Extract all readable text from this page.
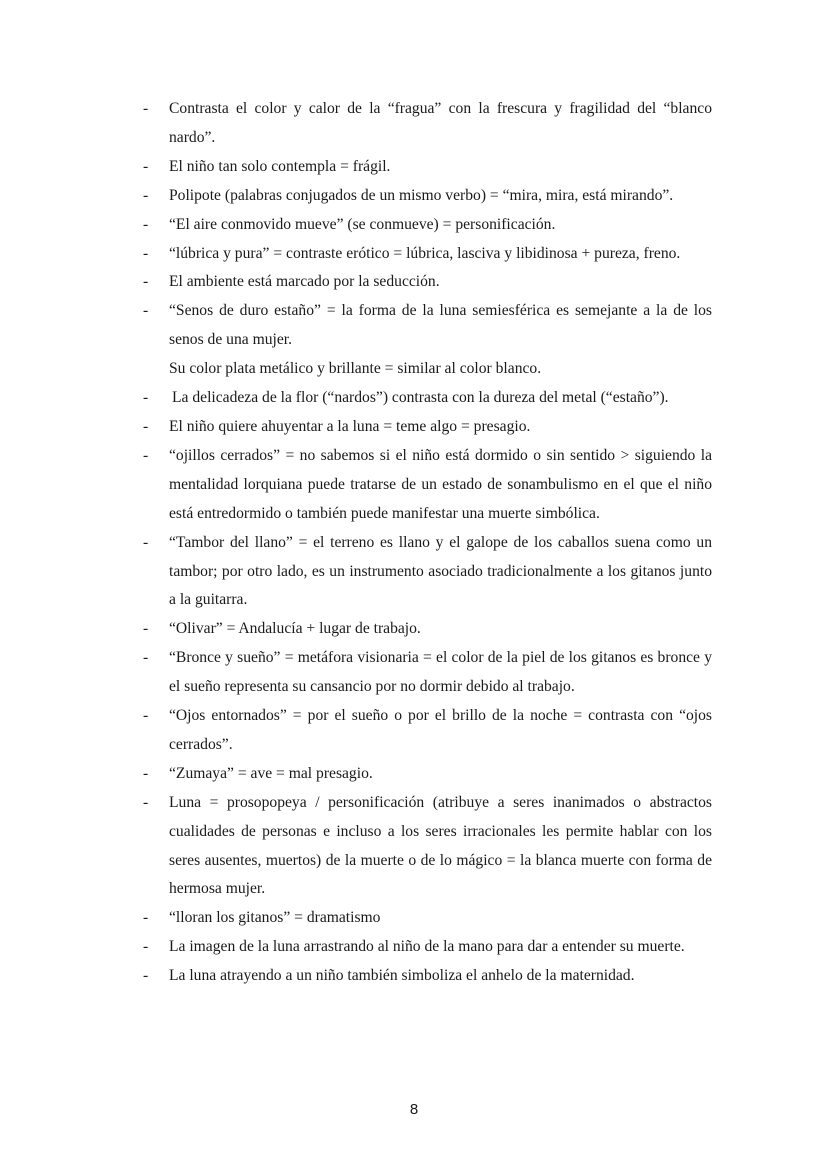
-	Contrasta el color y calor de la “fragua” con la frescura y fragilidad del “blanco nardo”.
-	El niño tan solo contempla = frágil.
-	Polipote (palabras conjugados de un mismo verbo) = “mira, mira, está mirando”.
-	“El aire conmovido mueve” (se conmueve) = personificación.
-	“lúbrica y pura” = contraste erótico = lúbrica, lasciva y libidinosa + pureza, freno.
-	El ambiente está marcado por la seducción.
-	“Senos de duro estaño” = la forma de la luna semiesférica es semejante a la de los senos de una mujer.
Su color plata metálico y brillante = similar al color blanco.
-	La delicadeza de la flor (“nardos”) contrasta con la dureza del metal (“estaño”).
-	El niño quiere ahuyentar a la luna = teme algo = presagio.
-	“ojillos cerrados” = no sabemos si el niño está dormido o sin sentido > siguiendo la mentalidad lorquiana puede tratarse de un estado de sonambulismo en el que el niño está entredormido o también puede manifestar una muerte simbólica.
-	“Tambor del llano” = el terreno es llano y el galope de los caballos suena como un tambor; por otro lado, es un instrumento asociado tradicionalmente a los gitanos junto a la guitarra.
-	“Olivar” = Andalucía + lugar de trabajo.
-	“Bronce y sueño” = metáfora visionaria = el color de la piel de los gitanos es bronce y el sueño representa su cansancio por no dormir debido al trabajo.
-	“Ojos entornados” = por el sueño o por el brillo de la noche = contrasta con “ojos cerrados”.
-	“Zumaya” = ave = mal presagio.
-	Luna = prosopopeya / personificación (atribuye a seres inanimados o abstractos cualidades de personas e incluso a los seres irracionales les permite hablar con los seres ausentes, muertos) de la muerte o de lo mágico = la blanca muerte con forma de hermosa mujer.
-	“lloran los gitanos” = dramatismo
-	La imagen de la luna arrastrando al niño de la mano para dar a entender su muerte.
-	La luna atrayendo a un niño también simboliza el anhelo de la maternidad.
8
